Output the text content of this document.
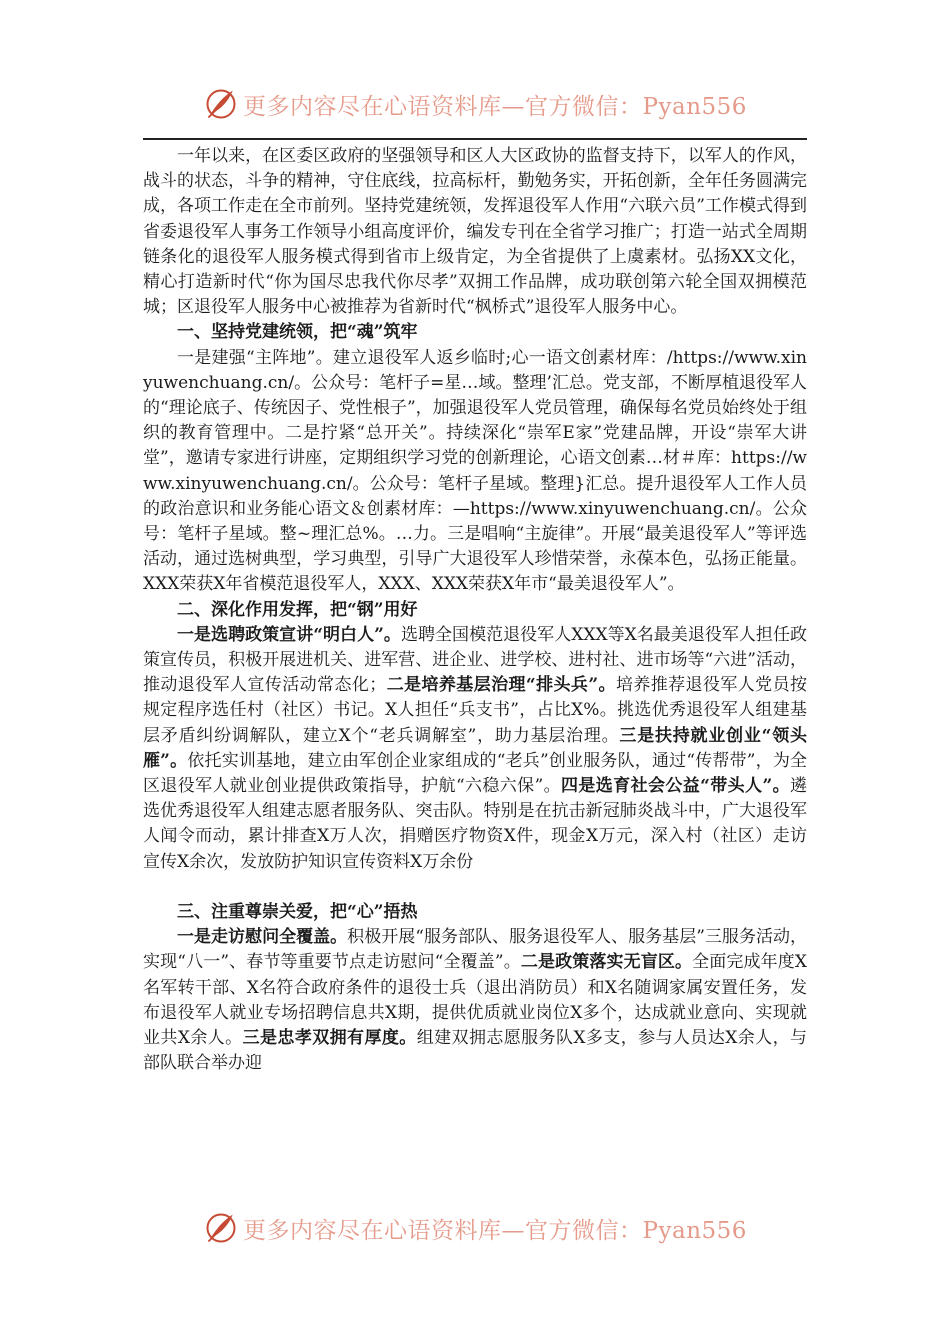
更多内容尽在心语资料库—官方微信：Pyan556

一年以来，在区委区政府的坚强领导和区人大区政协的监督支持下，以军人的作风，战斗的状态，斗争的精神，守住底线，拉高标杆，勤勉务实，开拓创新，全年任务圆满完成，各项工作走在全市前列。坚持党建统领，发挥退役军人作用“六联六员”工作模式得到省委退役军人事务工作领导小组高度评价，编发专刊在全省学习推广；打造一站式全周期链条化的退役军人服务模式得到省市上级肯定，为全省提供了上虞素材。弘扬XX文化，精心打造新时代“你为国尽忠我代你尽孝”双拥工作品牌，成功联创第六轮全国双拥模范城；区退役军人服务中心被推荐为省新时代“枫桥式”退役军人服务中心。

一、坚持党建统领，把“魂”筑牢

一是建强“主阵地”。建立退役军人返乡临时;心一语文创素材库：/https://www.xinyuwenchuang.cn/。公众号：笔杆子=星…域。整理’汇总。党支部，不断厚植退役军人的“理论底子、传统因子、党性根子”，加强退役军人党员管理，确保每名党员始终处于组织的教育管理中。二是拧紧“总开关”。持续深化“崇军E家”党建品牌，开设“崇军大讲堂”，邀请专家进行讲座，定期组织学习党的创新理论，心语文创素…材＃库：https://www.xinyuwenchuang.cn/。公众号：笔杆子星域。整理}汇总。提升退役军人工作人员的政治意识和业务能心语文＆创素材库：—https://www.xinyuwenchuang.cn/。公众号：笔杆子星域。整~理汇总%。…力。三是唱响“主旋律”。开展“最美退役军人”等评选活动，通过选树典型，学习典型，引导广大退役军人珍惜荣誉，永葆本色，弘扬正能量。XXX荣获X年省模范退役军人，XXX、XXX荣获X年市“最美退役军人”。

二、深化作用发挥，把“钢”用好

一是选聘政策宣讲“明白人”。选聘全国模范退役军人XXX等X名最美退役军人担任政策宣传员，积极开展进机关、进军营、进企业、进学校、进村社、进市场等“六进”活动，推动退役军人宣传活动常态化；二是培养基层治理“排头兵”。培养推荐退役军人党员按规定程序选任村（社区）书记。X人担任“兵支书”，占比X%。挑选优秀退役军人组建基层矛盾纠纷调解队，建立X个“老兵调解室”，助力基层治理。三是扶持就业创业“领头雁”。依托实训基地，建立由军创企业家组成的“老兵”创业服务队，通过“传帮带”，为全区退役军人就业创业提供政策指导，护航“六稳六保”。四是选育社会公益“带头人”。遴选优秀退役军人组建志愿者服务队、突击队。特别是在抗击新冠肺炎战斗中，广大退役军人闻令而动，累计排查X万人次，捐赠医疗物资X件，现金X万元，深入村（社区）走访宣传X余次，发放防护知识宣传资料X万余份

三、注重尊崇关爱，把“心”捂热

一是走访慰问全覆盖。积极开展“服务部队、服务退役军人、服务基层”三服务活动，实现“八一”、春节等重要节点走访慰问“全覆盖”。二是政策落实无盲区。全面完成年度X名军转干部、X名符合政府条件的退役士兵（退出消防员）和X名随调家属安置任务，发布退役军人就业专场招聘信息共X期，提供优质就业岗位X多个，达成就业意向、实现就业共X余人。三是忠孝双拥有厚度。组建双拥志愿服务队X多支，参与人员达X余人，与部队联合举办迎

更多内容尽在心语资料库—官方微信：Pyan556
